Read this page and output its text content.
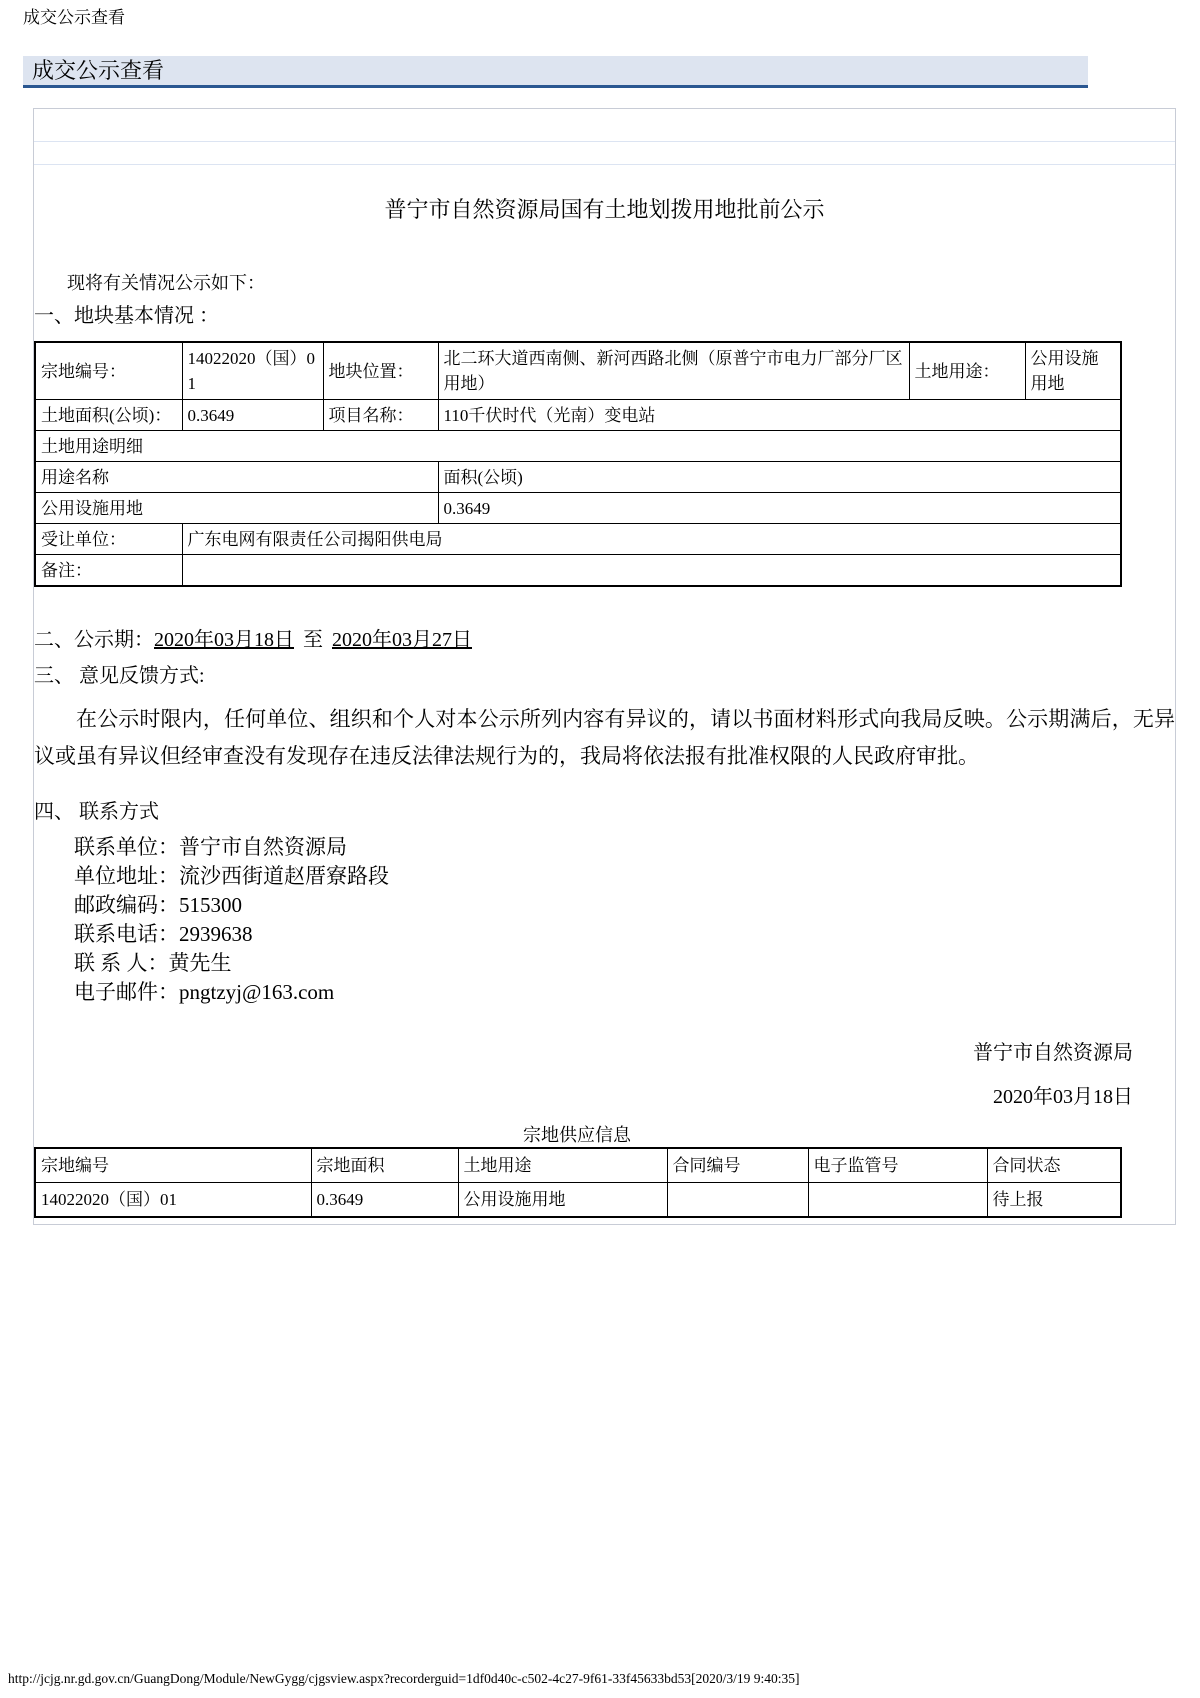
成交公示查看
成交公示查看
普宁市自然资源局国有土地划拨用地批前公示
现将有关情况公示如下：
一、地块基本情况 ：
宗地编号：	14022020（国）01	地块位置：	北二环大道西南侧、新河西路北侧（原普宁市电力厂部分厂区用地）	土地用途：	公用设施用地
土地面积(公顷)：	0.3649	项目名称：	110千伏时代（光南）变电站		
土地用途明细					
用途名称			面积(公顷)		
公用设施用地			0.3649		
受让单位：	广东电网有限责任公司揭阳供电局				
备注：					
二、公示期：2020年03月18日 至 2020年03月27日
三、 意见反馈方式:
在公示时限内，任何单位、组织和个人对本公示所列内容有异议的，请以书面材料形式向我局反映。公示期满后，无异议或虽有异议但经审查没有发现存在违反法律法规行为的，我局将依法报有批准权限的人民政府审批。
四、 联系方式
联系单位：普宁市自然资源局
单位地址：流沙西街道赵厝寮路段
邮政编码：515300
联系电话：2939638
联 系 人：黄先生
电子邮件：pngtzyj@163.com
普宁市自然资源局
2020年03月18日
宗地供应信息
宗地编号	宗地面积	土地用途	合同编号	电子监管号	合同状态
14022020（国）01	0.3649	公用设施用地			待上报
http://jcjg.nr.gd.gov.cn/GuangDong/Module/NewGygg/cjgsview.aspx?recorderguid=1df0d40c-c502-4c27-9f61-33f45633bd53[2020/3/19 9:40:35]
